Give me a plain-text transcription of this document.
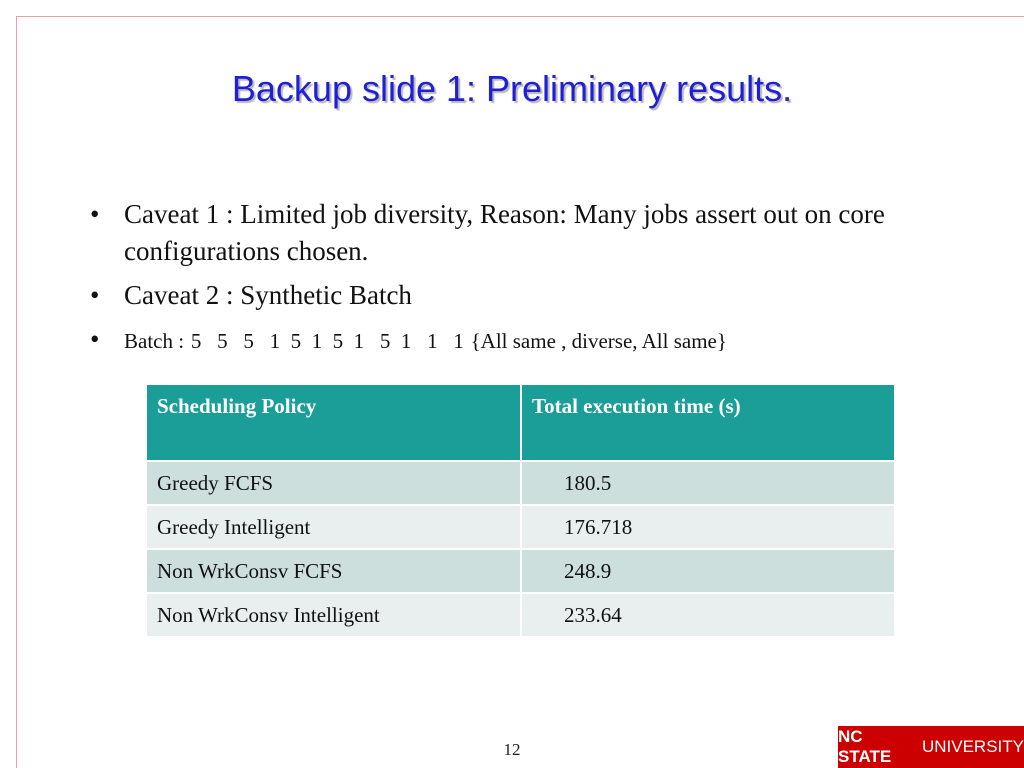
Backup slide 1: Preliminary results.
• Caveat 1 : Limited job diversity, Reason: Many jobs assert out on core configurations chosen.
• Caveat 2 : Synthetic Batch
• Batch : 5   5   5   1  5  1  5  1   5  1   1   1 {All same , diverse, All same}
Scheduling Policy	Total execution time (s)
Greedy FCFS	180.5
Greedy Intelligent	176.718
Non WrkConsv FCFS	248.9
Non WrkConsv Intelligent	233.64
12
NC STATE
UNIVERSITY
